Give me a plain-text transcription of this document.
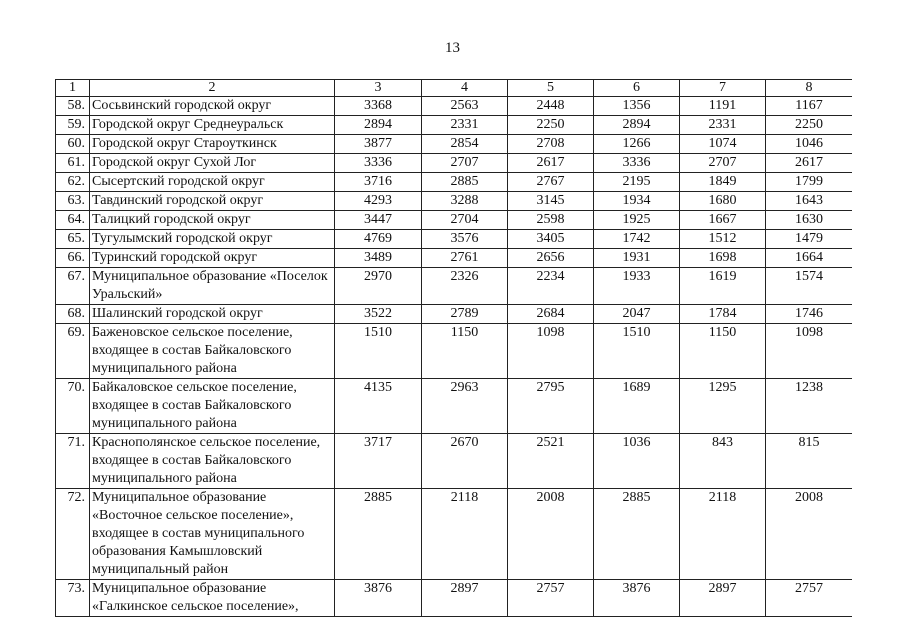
13
1	2	3	4	5	6	7	8
58.	Сосьвинский городской округ	3368	2563	2448	1356	1191	1167
59.	Городской округ Среднеуральск	2894	2331	2250	2894	2331	2250
60.	Городской округ Староуткинск	3877	2854	2708	1266	1074	1046
61.	Городской округ Сухой Лог	3336	2707	2617	3336	2707	2617
62.	Сысертский городской округ	3716	2885	2767	2195	1849	1799
63.	Тавдинский городской округ	4293	3288	3145	1934	1680	1643
64.	Талицкий городской округ	3447	2704	2598	1925	1667	1630
65.	Тугулымский городской округ	4769	3576	3405	1742	1512	1479
66.	Туринский городской округ	3489	2761	2656	1931	1698	1664
67.	Муниципальное образование «Поселок Уральский»	2970	2326	2234	1933	1619	1574
68.	Шалинский городской округ	3522	2789	2684	2047	1784	1746
69.	Баженовское сельское поселение, входящее в состав Байкаловского муниципального района	1510	1150	1098	1510	1150	1098
70.	Байкаловское сельское поселение, входящее в состав Байкаловского муниципального района	4135	2963	2795	1689	1295	1238
71.	Краснополянское сельское поселение, входящее в состав Байкаловского муниципального района	3717	2670	2521	1036	843	815
72.	Муниципальное образование «Восточное сельское поселение», входящее в состав муниципального образования Камышловский муниципальный район	2885	2118	2008	2885	2118	2008
73.	Муниципальное образование «Галкинское сельское поселение»,	3876	2897	2757	3876	2897	2757
